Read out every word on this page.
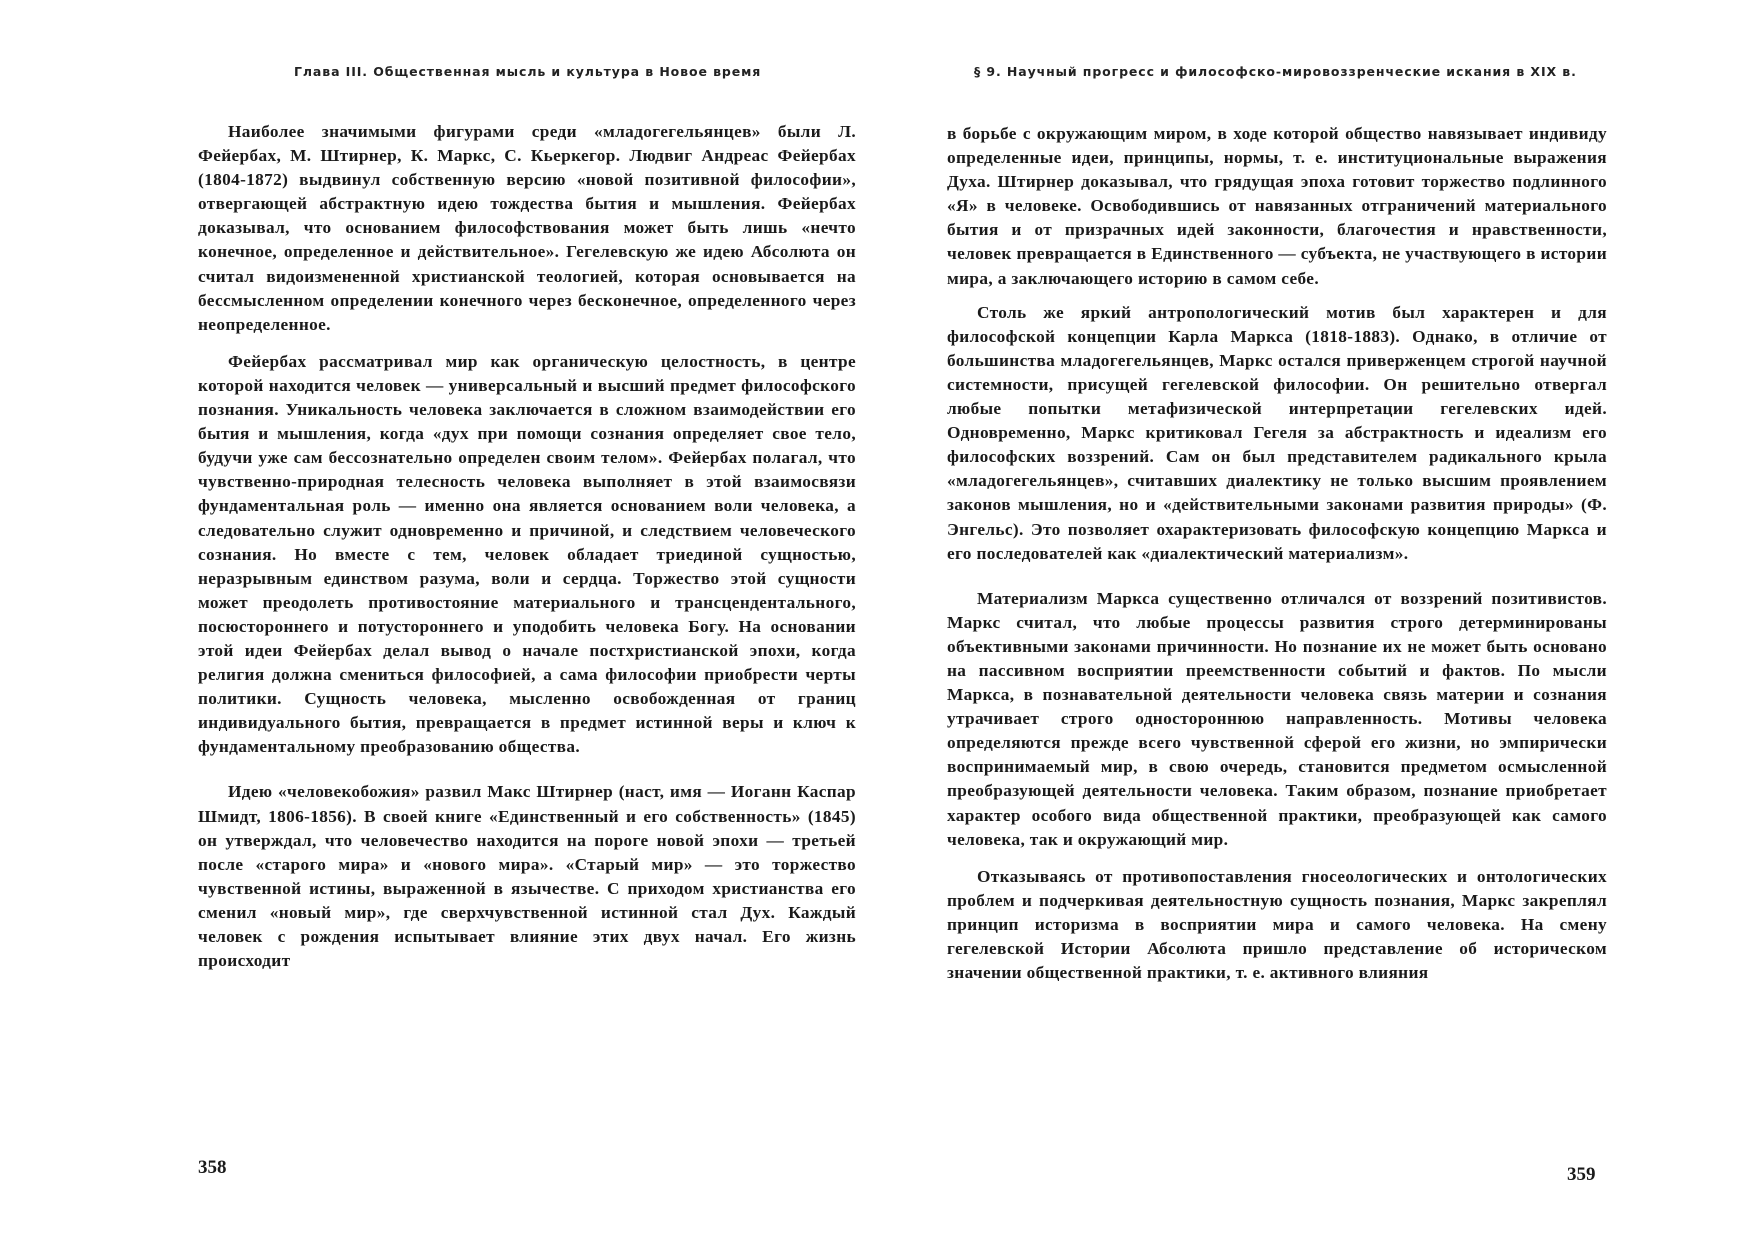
Глава III. Общественная мысль и культура в Новое время

Наиболее значимыми фигурами среди «младогегельянцев» были Л. Фейербах, М. Штирнер, К. Маркс, С. Кьеркегор. Людвиг Андреас Фейербах (1804-1872) выдвинул собственную версию «новой позитивной философии», отвергающей абстрактную идею тождества бытия и мышления. Фейербах доказывал, что основанием философствования может быть лишь «нечто конечное, определенное и действительное». Гегелевскую же идею Абсолюта он считал видоизмененной христианской теологией, которая основывается на бессмысленном определении конечного через бесконечное, определенного через неопределенное.

Фейербах рассматривал мир как органическую целостность, в центре которой находится человек — универсальный и высший предмет философского познания. Уникальность человека заключается в сложном взаимодействии его бытия и мышления, когда «дух при помощи сознания определяет свое тело, будучи уже сам бессознательно определен своим телом». Фейербах полагал, что чувственно-природная телесность человека выполняет в этой взаимосвязи фундаментальная роль — именно она является основанием воли человека, а следовательно служит одновременно и причиной, и следствием человеческого сознания. Но вместе с тем, человек обладает триединой сущностью, неразрывным единством разума, воли и сердца. Торжество этой сущности может преодолеть противостояние материального и трансцендентального, посюстороннего и потустороннего и уподобить человека Богу. На основании этой идеи Фейербах делал вывод о начале постхристианской эпохи, когда религия должна смениться философией, а сама философии приобрести черты политики. Сущность человека, мысленно освобожденная от границ индивидуального бытия, превращается в предмет истинной веры и ключ к фундаментальному преобразованию общества.

Идею «человекобожия» развил Макс Штирнер (наст, имя — Иоганн Каспар Шмидт, 1806-1856). В своей книге «Единственный и его собственность» (1845) он утверждал, что человечество находится на пороге новой эпохи — третьей после «старого мира» и «нового мира». «Старый мир» — это торжество чувственной истины, выраженной в язычестве. С приходом христианства его сменил «новый мир», где сверхчувственной истинной стал Дух. Каждый человек с рождения испытывает влияние этих двух начал. Его жизнь происходит

358
§ 9. Научный прогресс и философско-мировоззренческие искания в XIX в.

в борьбе с окружающим миром, в ходе которой общество навязывает индивиду определенные идеи, принципы, нормы, т. е. институциональные выражения Духа. Штирнер доказывал, что грядущая эпоха готовит торжество подлинного «Я» в человеке. Освободившись от навязанных отграничений материального бытия и от призрачных идей законности, благочестия и нравственности, человек превращается в Единственного — субъекта, не участвующего в истории мира, а заключающего историю в самом себе.

Столь же яркий антропологический мотив был характерен и для философской концепции Карла Маркса (1818-1883). Однако, в отличие от большинства младогегельянцев, Маркс остался приверженцем строгой научной системности, присущей гегелевской философии. Он решительно отвергал любые попытки метафизической интерпретации гегелевских идей. Одновременно, Маркс критиковал Гегеля за абстрактность и идеализм его философских воззрений. Сам он был представителем радикального крыла «младогегельянцев», считавших диалектику не только высшим проявлением законов мышления, но и «действительными законами развития природы» (Ф. Энгельс). Это позволяет охарактеризовать философскую концепцию Маркса и его последователей как «диалектический материализм».

Материализм Маркса существенно отличался от воззрений позитивистов. Маркс считал, что любые процессы развития строго детерминированы объективными законами причинности. Но познание их не может быть основано на пассивном восприятии преемственности событий и фактов. По мысли Маркса, в познавательной деятельности человека связь материи и сознания утрачивает строго одностороннюю направленность. Мотивы человека определяются прежде всего чувственной сферой его жизни, но эмпирически воспринимаемый мир, в свою очередь, становится предметом осмысленной преобразующей деятельности человека. Таким образом, познание приобретает характер особого вида общественной практики, преобразующей как самого человека, так и окружающий мир.

Отказываясь от противопоставления гносеологических и онтологических проблем и подчеркивая деятельностную сущность познания, Маркс закреплял принцип историзма в восприятии мира и самого человека. На смену гегелевской Истории Абсолюта пришло представление об историческом значении общественной практики, т. е. активного влияния

359
